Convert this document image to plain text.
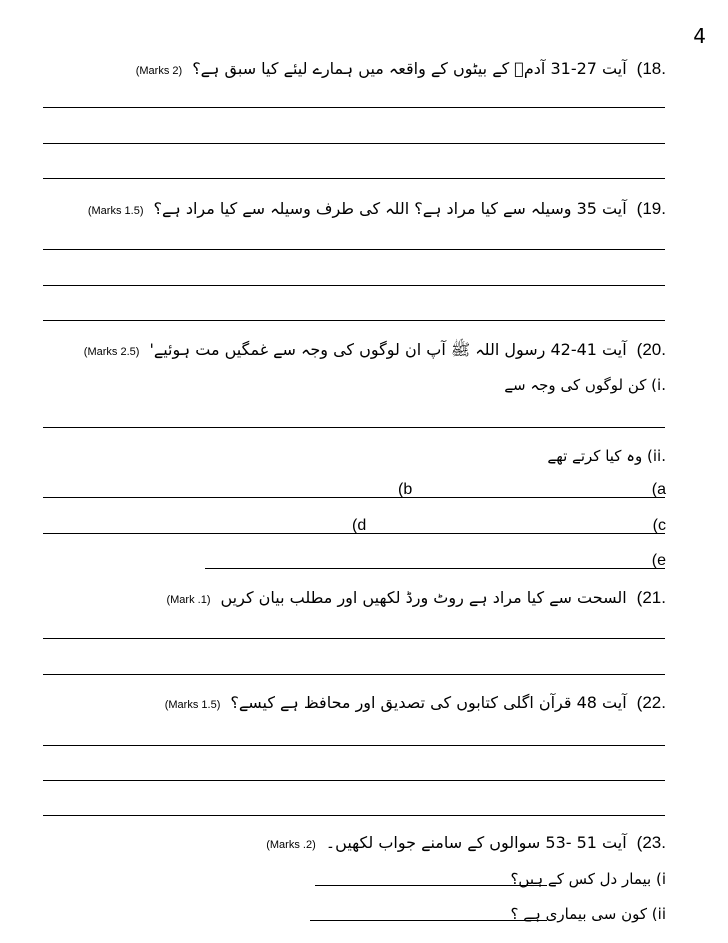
4
.18)
آیت 27-31 آدمؑ کے بیٹوں کے واقعہ میں ہمارے لیئے کیا سبق ہے؟
(2 Marks)
.19)
آیت 35 وسیلہ سے کیا مراد ہے؟ اللہ کی طرف وسیلہ سے کیا مراد ہے؟
(1.5 Marks)
.20)
آیت 41-42 رسول اللہ ﷺ آپ ان لوگوں کی وجہ سے غمگیں مت ہوئیے'
(2.5 Marks)
.i) کن لوگوں کی وجہ سے
.ii) وہ کیا کرتے تھے
(a
(b
(c
(d
(e
.21)
السحت سے کیا مراد ہے روٹ ورڈ لکھیں اور مطلب بیان کریں
(1. Mark)
.22)
آیت 48 قرآن اگلی کتابوں کی تصدیق اور محافظ ہے کیسے؟
(1.5 Marks)
.23)
آیت 51 -53 سوالوں کے سامنے جواب لکھیں۔
(2. Marks)
i) بیمار دل کس کے ہیں؟
ii) کون سی بیماری ہے ؟
